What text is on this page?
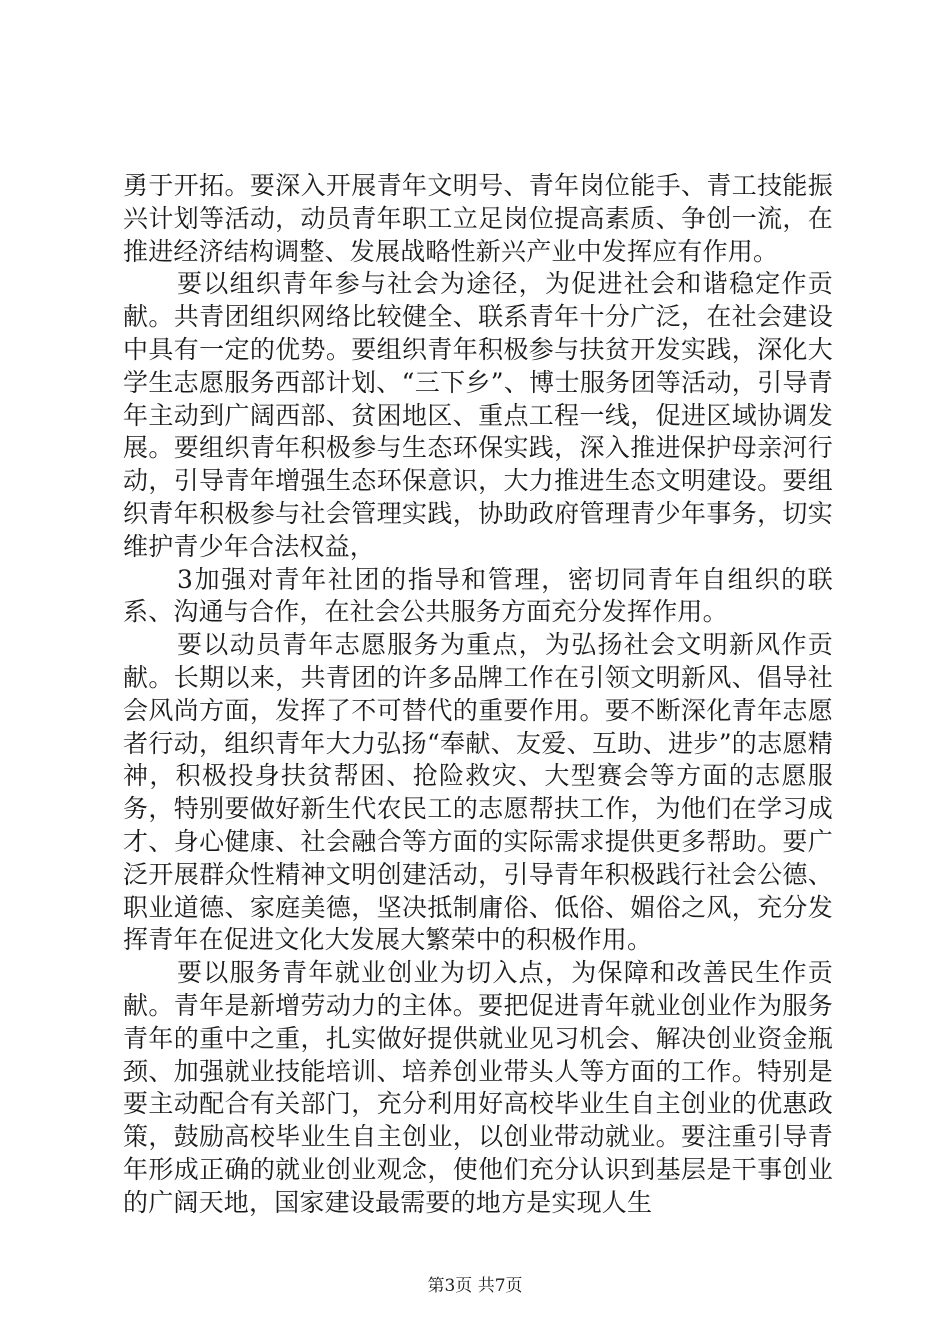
勇于开拓。要深入开展青年文明号、青年岗位能手、青工技能振兴计划等活动，动员青年职工立足岗位提高素质、争创一流，在推进经济结构调整、发展战略性新兴产业中发挥应有作用。

要以组织青年参与社会为途径，为促进社会和谐稳定作贡献。共青团组织网络比较健全、联系青年十分广泛，在社会建设中具有一定的优势。要组织青年积极参与扶贫开发实践，深化大学生志愿服务西部计划、“三下乡”、博士服务团等活动，引导青年主动到广阔西部、贫困地区、重点工程一线，促进区域协调发展。要组织青年积极参与生态环保实践，深入推进保护母亲河行动，引导青年增强生态环保意识，大力推进生态文明建设。要组织青年积极参与社会管理实践，协助政府管理青少年事务，切实维护青少年合法权益，

3加强对青年社团的指导和管理，密切同青年自组织的联系、沟通与合作，在社会公共服务方面充分发挥作用。

要以动员青年志愿服务为重点，为弘扬社会文明新风作贡献。长期以来，共青团的许多品牌工作在引领文明新风、倡导社会风尚方面，发挥了不可替代的重要作用。要不断深化青年志愿者行动，组织青年大力弘扬“奉献、友爱、互助、进步”的志愿精神，积极投身扶贫帮困、抢险救灾、大型赛会等方面的志愿服务，特别要做好新生代农民工的志愿帮扶工作，为他们在学习成才、身心健康、社会融合等方面的实际需求提供更多帮助。要广泛开展群众性精神文明创建活动，引导青年积极践行社会公德、职业道德、家庭美德，坚决抵制庸俗、低俗、媚俗之风，充分发挥青年在促进文化大发展大繁荣中的积极作用。

要以服务青年就业创业为切入点，为保障和改善民生作贡献。青年是新增劳动力的主体。要把促进青年就业创业作为服务青年的重中之重，扎实做好提供就业见习机会、解决创业资金瓶颈、加强就业技能培训、培养创业带头人等方面的工作。特别是要主动配合有关部门，充分利用好高校毕业生自主创业的优惠政策，鼓励高校毕业生自主创业，以创业带动就业。要注重引导青年形成正确的就业创业观念，使他们充分认识到基层是干事创业的广阔天地，国家建设最需要的地方是实现人生

第3页 共7页
